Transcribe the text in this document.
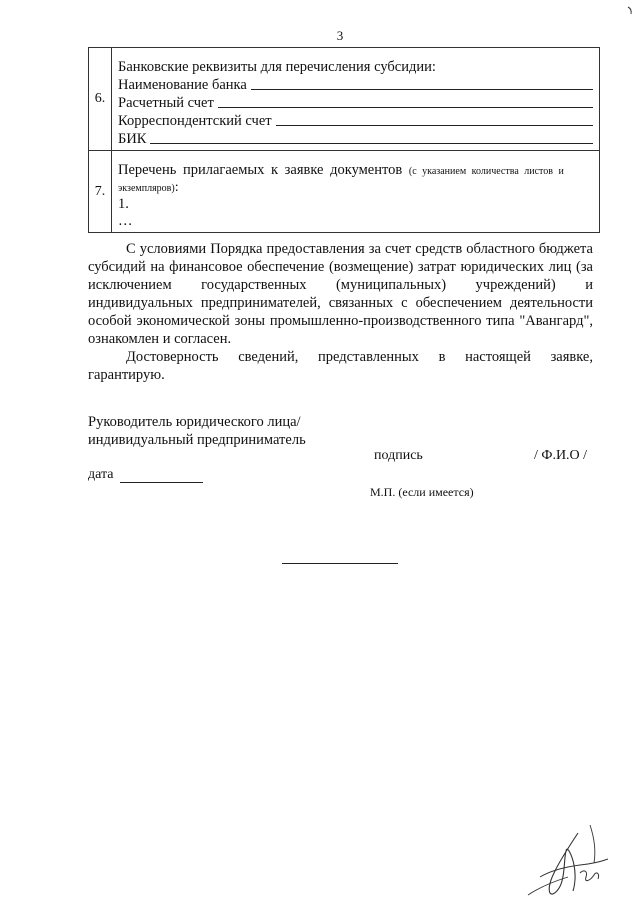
3
6.	Банковские реквизиты для перечисления субсидии:
Наименование банка
Расчетный счет
Корреспондентский счет
БИК

7.	Перечень прилагаемых к заявке документов (с указанием количества листов и
экземпляров):
1.
…
С условиями Порядка предоставления за счет средств областного бюджета субсидий на финансовое обеспечение (возмещение) затрат юридических лиц (за исключением государственных (муниципальных) учреждений) и индивидуальных предпринимателей, связанных с обеспечением деятельности особой экономической зоны промышленно-производственного типа "Авангард", ознакомлен и согласен.
Достоверность сведений, представленных в настоящей заявке, гарантирую.
Руководитель юридического лица/
индивидуальный предприниматель
подпись	/ Ф.И.О /
дата
М.П. (если имеется)
